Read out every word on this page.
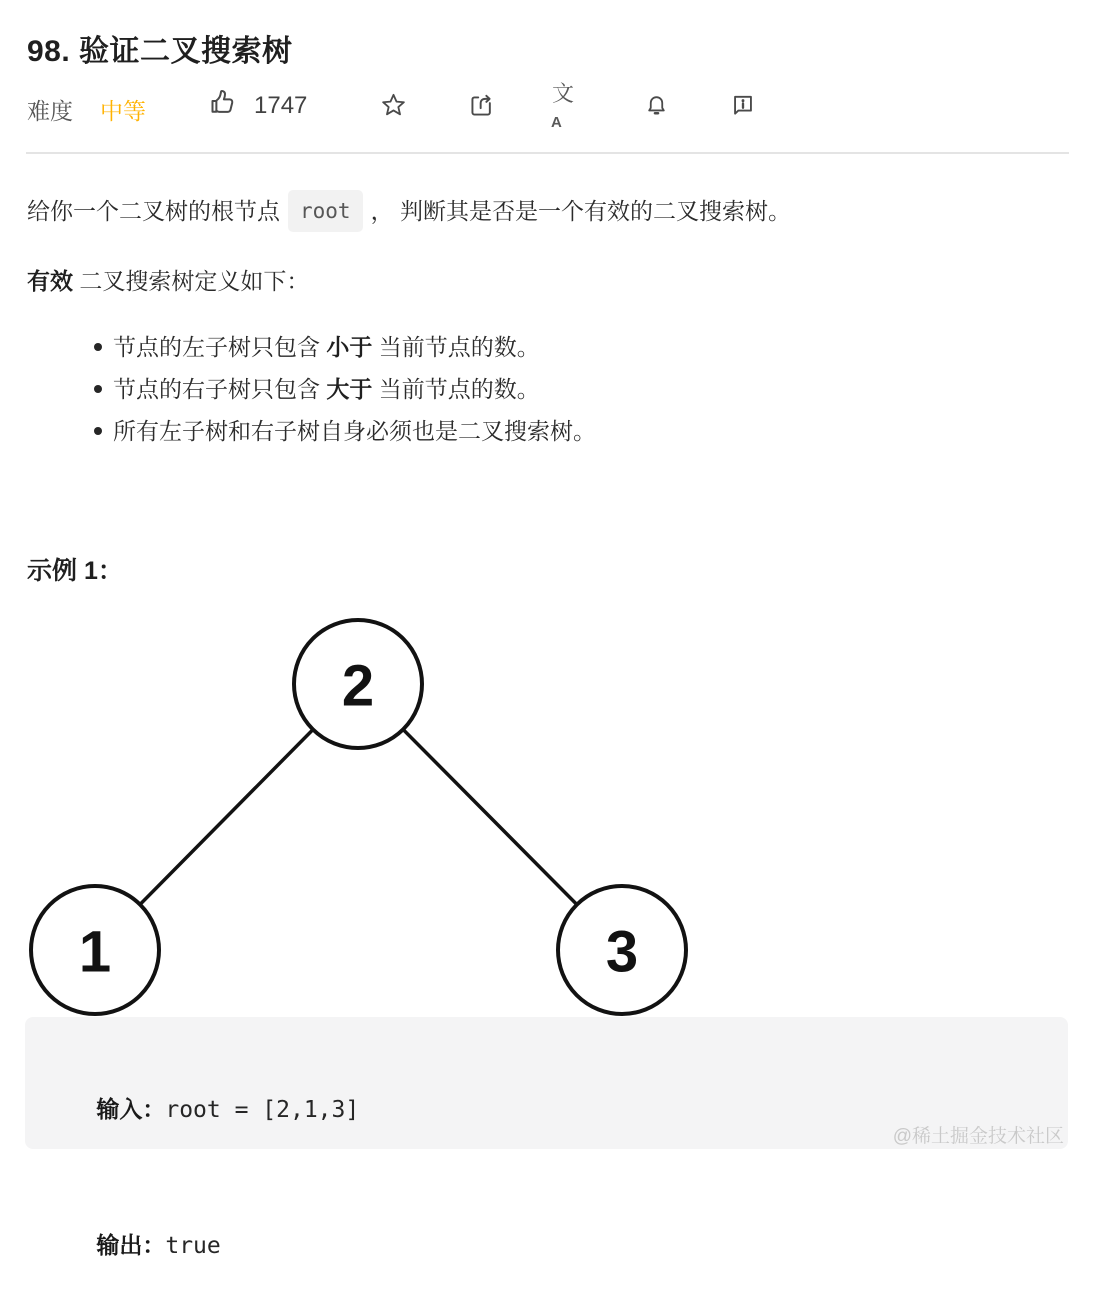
98. 验证二叉搜索树
难度 中等	1747	文A

给你一个二叉树的根节点 root ， 判断其是否是一个有效的二叉搜索树。

有效 二叉搜索树定义如下：

节点的左子树只包含 小于 当前节点的数。
节点的右子树只包含 大于 当前节点的数。
所有左子树和右子树自身必须也是二叉搜索树。
示例 1：
2
1	3

输入：root = [2,1,3]

输出：true

@稀土掘金技术社区
